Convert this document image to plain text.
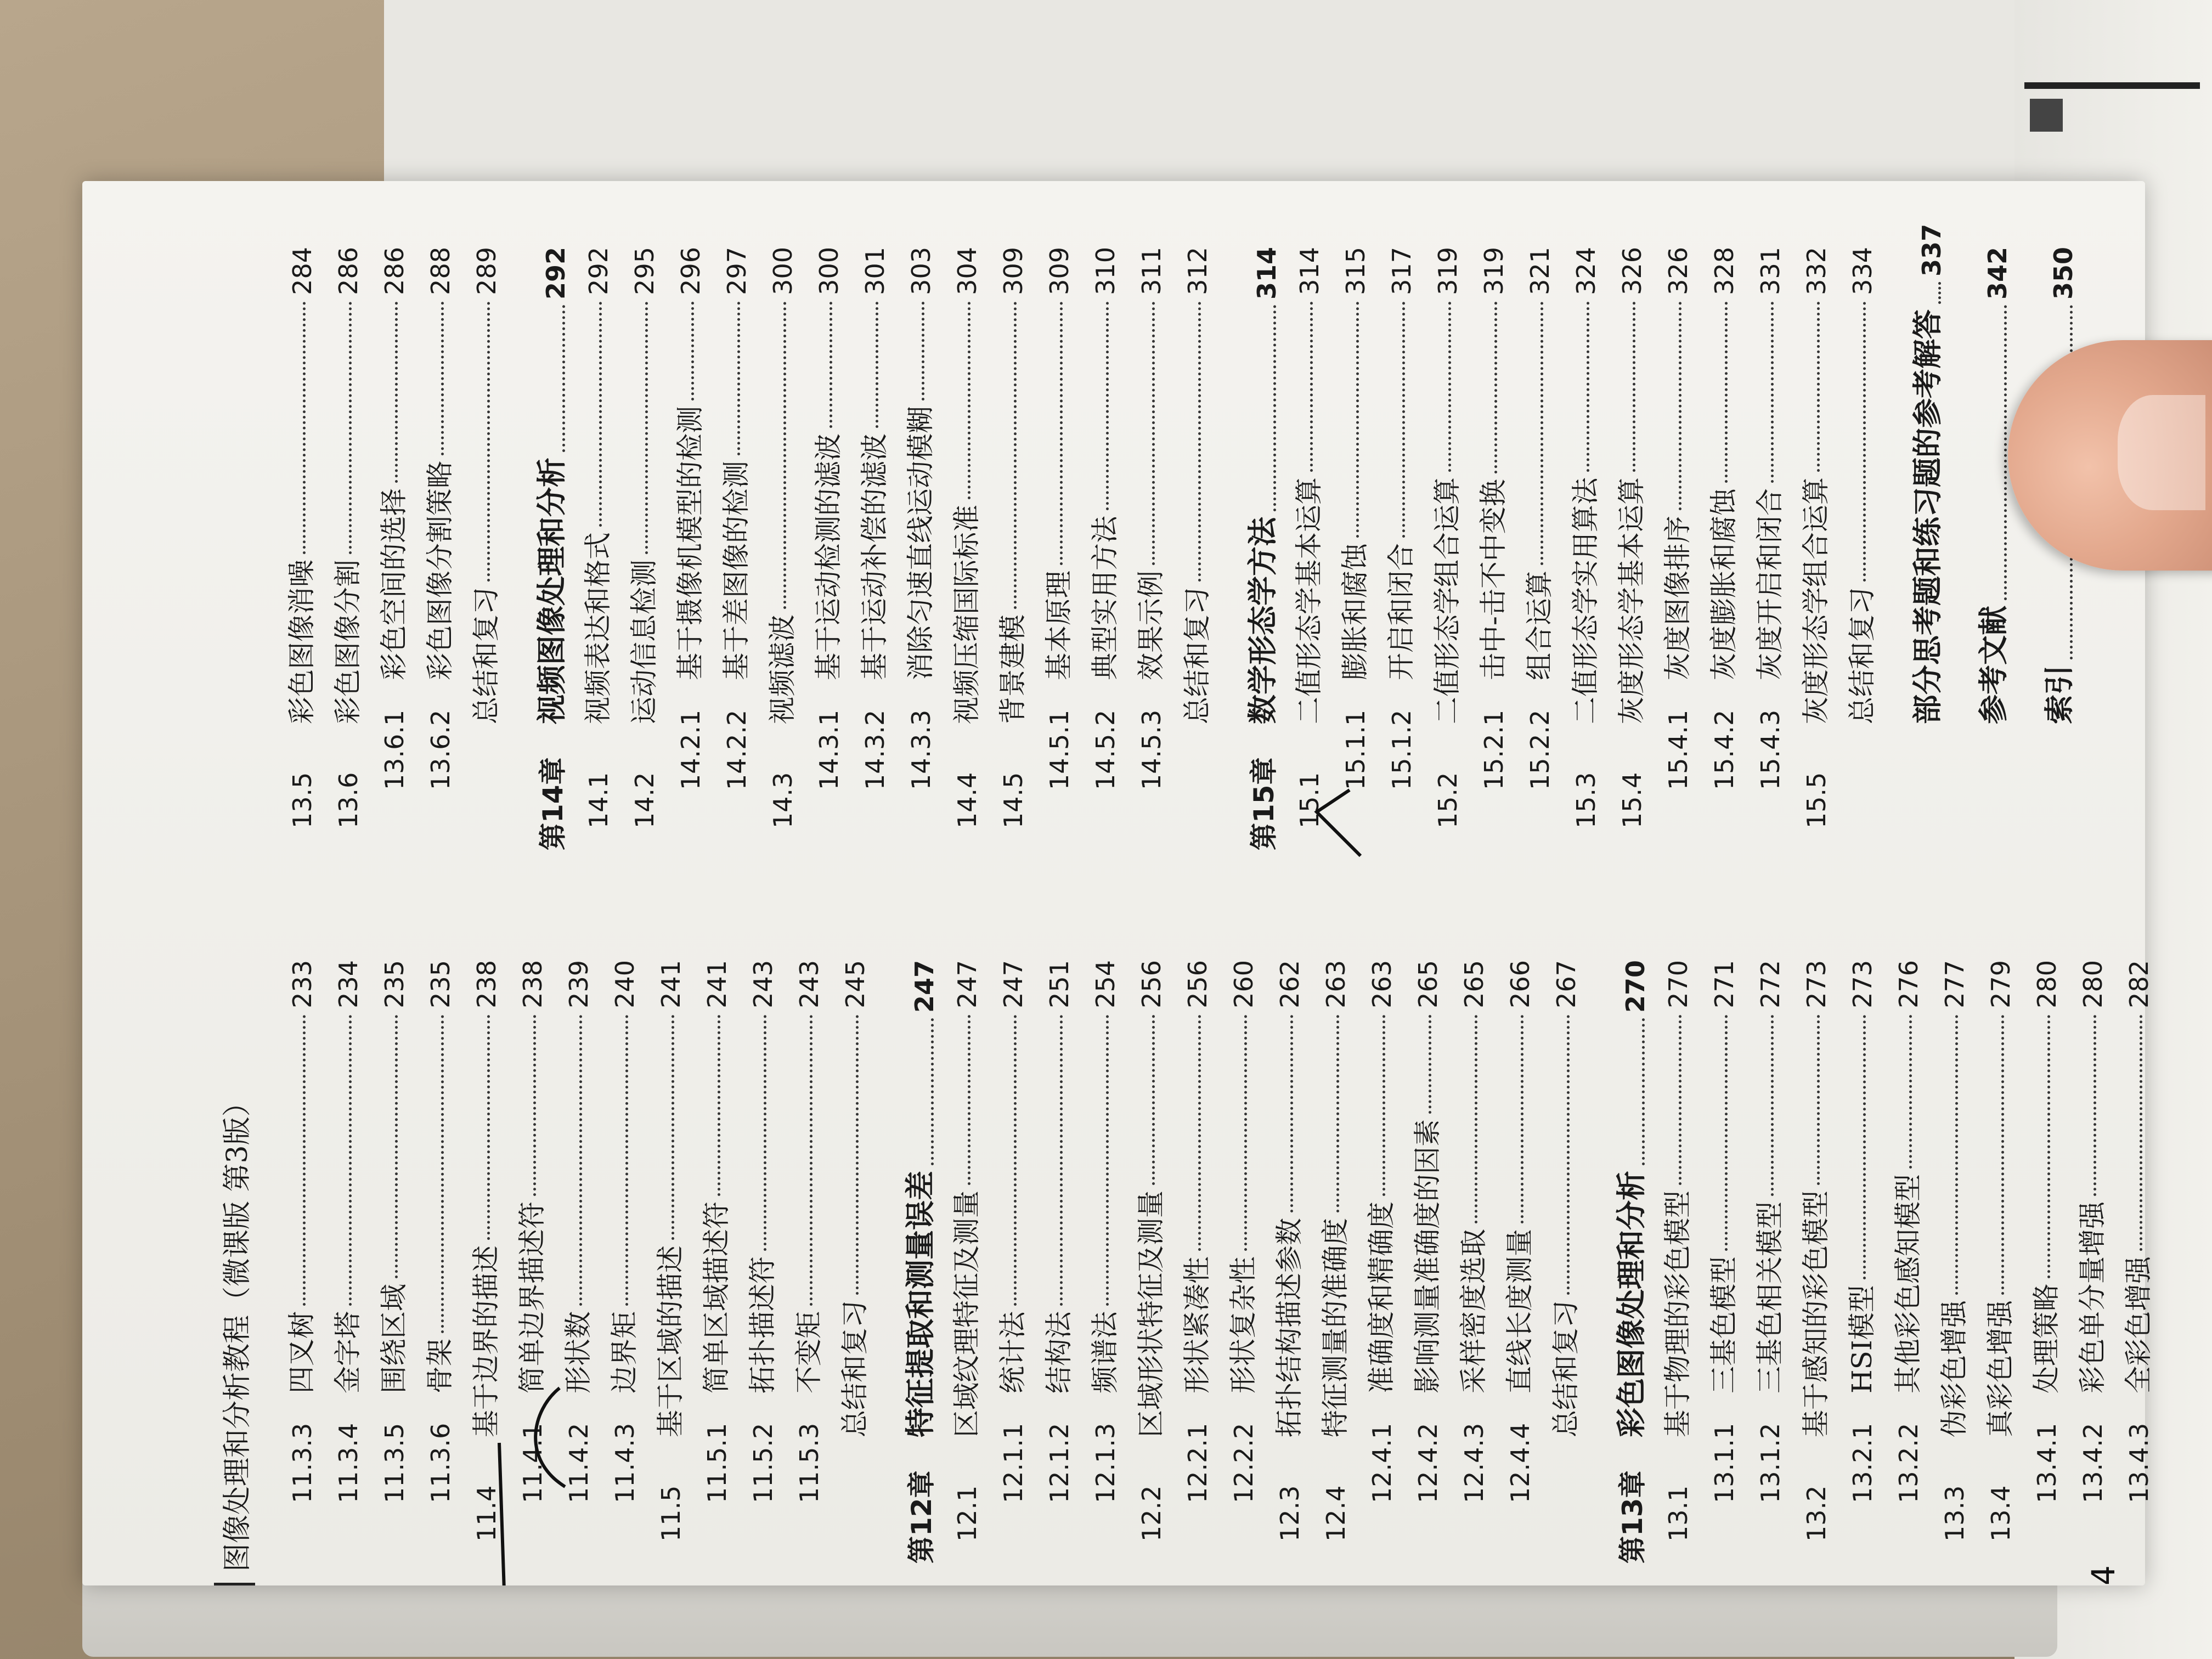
图像处理和分析教程（微课版 第3版） 11.3.3
四叉树
233
11.3.4
金字塔
234
11.3.5
围绕区域
235
11.3.6
骨架
235
11.4
基于边界的描述
238
11.4.1
简单边界描述符
238
11.4.2
形状数
239
11.4.3
边界矩
240
11.5
基于区域的描述
241
11.5.1
简单区域描述符
241
11.5.2
拓扑描述符
243
11.5.3
不变矩
243
总结和复习
245
第12章
特征提取和测量误差
247
12.1
区域纹理特征及测量
247
12.1.1
统计法
247
12.1.2
结构法
251
12.1.3
频谱法
254
12.2
区域形状特征及测量
256
12.2.1
形状紧凑性
256
12.2.2
形状复杂性
260
12.3
拓扑结构描述参数
262
12.4
特征测量的准确度
263
12.4.1
准确度和精确度
263
12.4.2
影响测量准确度的因素
265
12.4.3
采样密度选取
265
12.4.4
直线长度测量
266
总结和复习
267
第13章
彩色图像处理和分析
270
13.1
基于物理的彩色模型
270
13.1.1
三基色模型
271
13.1.2
三基色相关模型
272
13.2
基于感知的彩色模型
273
13.2.1
HSI模型
273
13.2.2
其他彩色感知模型
276
13.3
伪彩色增强
277
13.4
真彩色增强
279
13.4.1
处理策略
280
13.4.2
彩色单分量增强
280
13.4.3
全彩色增强
282
13.5
彩色图像消噪
284
13.6
彩色图像分割
286
13.6.1
彩色空间的选择
286
13.6.2
彩色图像分割策略
288
总结和复习
289
第14章
视频图像处理和分析
292
14.1
视频表达和格式
292
14.2
运动信息检测
295
14.2.1
基于摄像机模型的检测
296
14.2.2
基于差图像的检测
297
14.3
视频滤波
300
14.3.1
基于运动检测的滤波
300
14.3.2
基于运动补偿的滤波
301
14.3.3
消除匀速直线运动模糊
303
14.4
视频压缩国际标准
304
14.5
背景建模
309
14.5.1
基本原理
309
14.5.2
典型实用方法
310
14.5.3
效果示例
311
总结和复习
312
第15章
数学形态学方法
314
15.1
二值形态学基本运算
314
15.1.1
膨胀和腐蚀
315
15.1.2
开启和闭合
317
15.2
二值形态学组合运算
319
15.2.1
击中-击不中变换
319
15.2.2
组合运算
321
15.3
二值形态学实用算法
324
15.4
灰度形态学基本运算
326
15.4.1
灰度图像排序
326
15.4.2
灰度膨胀和腐蚀
328
15.4.3
灰度开启和闭合
331
15.5
灰度形态学组合运算
332
总结和复习
334
部分思考题和练习题的参考解答
337
参考文献
342
索引
350
4
